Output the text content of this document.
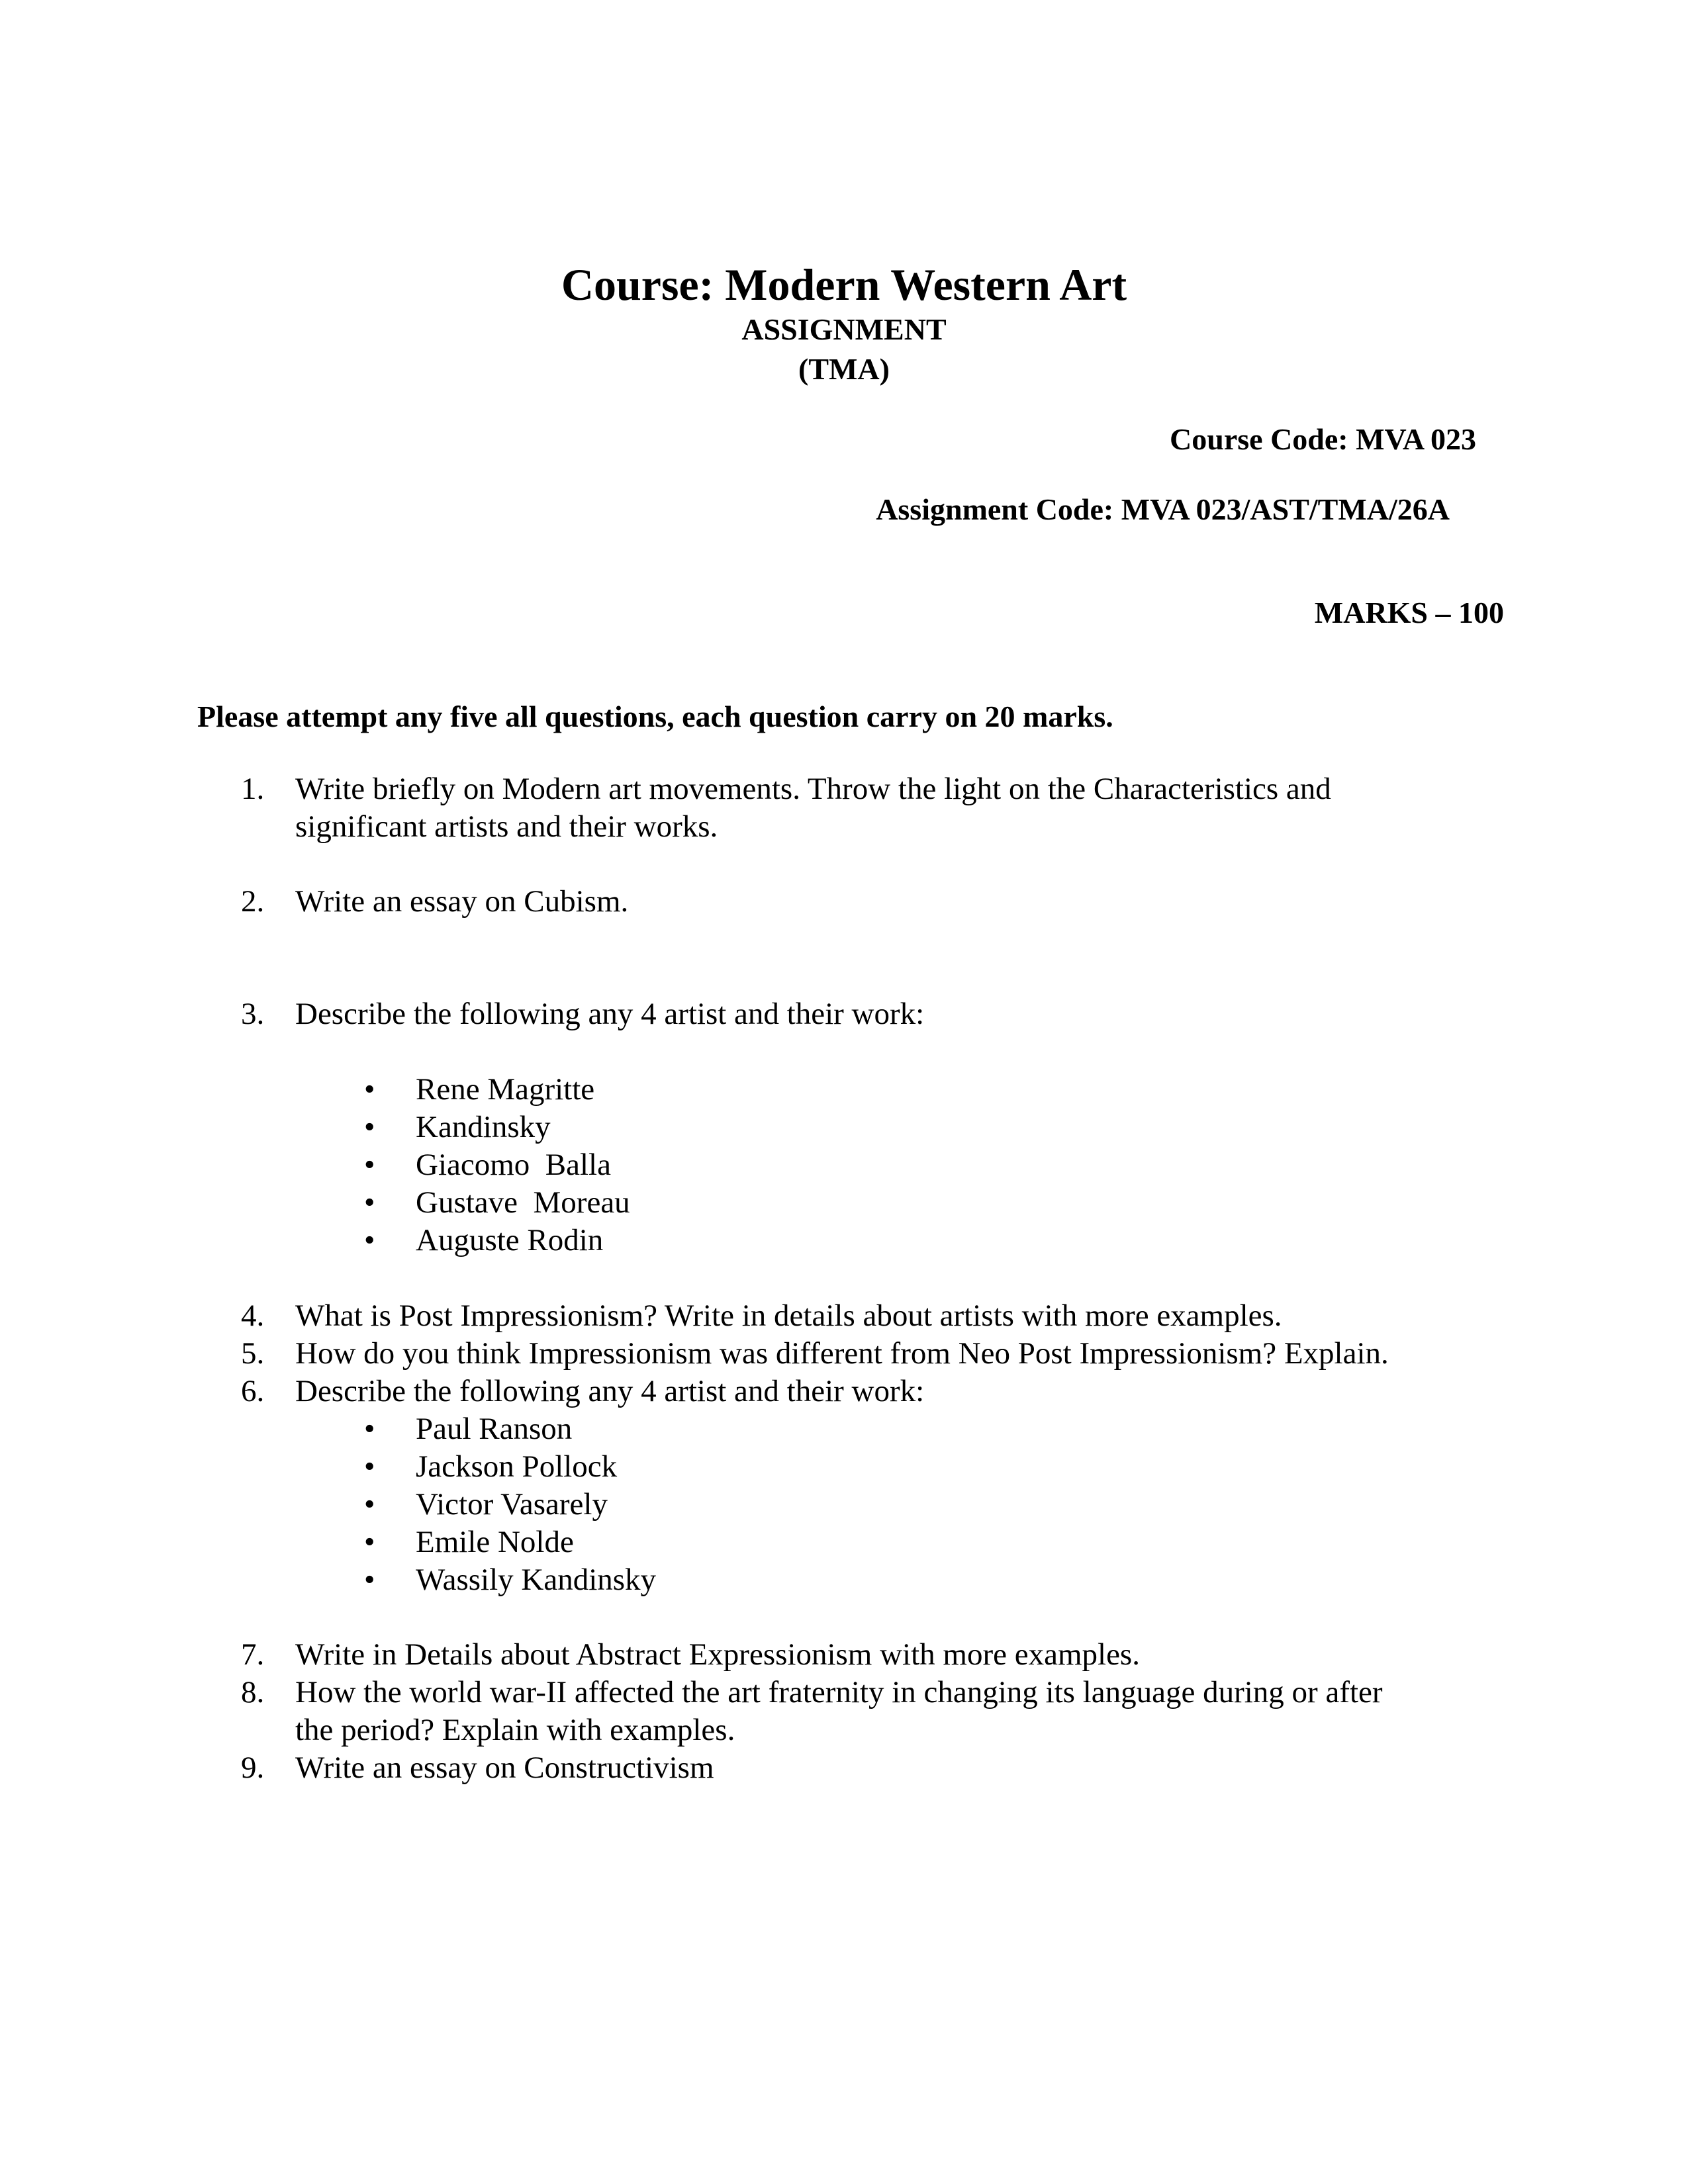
Course: Modern Western Art
ASSIGNMENT
(TMA)
Course Code: MVA 023
Assignment Code: MVA 023/AST/TMA/26A
MARKS – 100
Please attempt any five all questions, each question carry on 20 marks.
1. Write briefly on Modern art movements. Throw the light on the Characteristics and
significant artists and their works.
2. Write an essay on Cubism.
3. Describe the following any 4 artist and their work:
• Rene Magritte
• Kandinsky
• Giacomo  Balla
• Gustave  Moreau
• Auguste Rodin
4. What is Post Impressionism? Write in details about artists with more examples.
5. How do you think Impressionism was different from Neo Post Impressionism? Explain.
6. Describe the following any 4 artist and their work:
• Paul Ranson
• Jackson Pollock
• Victor Vasarely
• Emile Nolde
• Wassily Kandinsky
7. Write in Details about Abstract Expressionism with more examples.
8. How the world war-II affected the art fraternity in changing its language during or after
the period? Explain with examples.
9. Write an essay on Constructivism
